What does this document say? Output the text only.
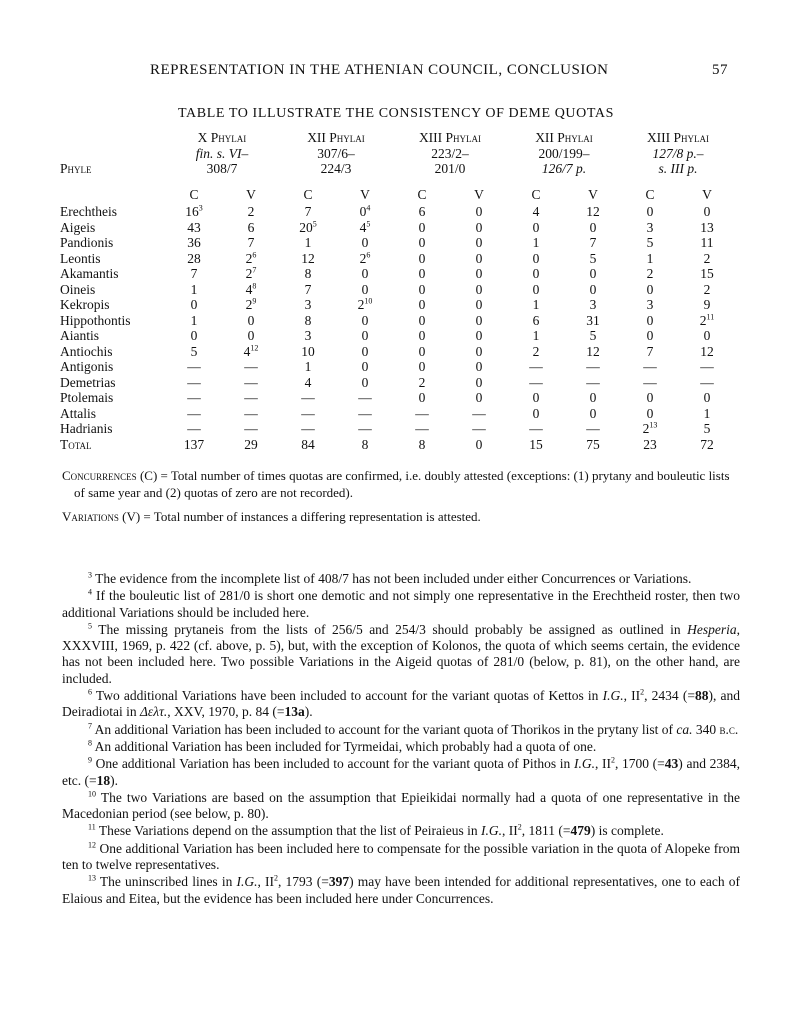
REPRESENTATION IN THE ATHENIAN COUNCIL, CONCLUSION	57
TABLE TO ILLUSTRATE THE CONSISTENCY OF DEME QUOTAS
	X Phylai		XII Phylai		XIII Phylai		XII Phylai		XIII Phylai	
	fin. s. VI–		307/6–		223/2–		200/199–		127/8 p.–	
Phyle	308/7		224/3		201/0		126/7 p.		s. III p.	
	C	V	C	V	C	V	C	V	C	V
Erechtheis	$16^3$	2	7	$0^4$	6	0	4	12	0	0
Aigeis	43	6	$20^5$	$4^5$	0	0	0	0	3	13
Pandionis	36	7	1	0	0	0	1	7	5	11
Leontis	28	$2^6$	12	$2^6$	0	0	0	5	1	2
Akamantis	7	$2^7$	8	0	0	0	0	0	2	15
Oineis	1	$4^8$	7	0	0	0	0	0	0	2
Kekropis	0	$2^9$	3	$2^{10}$	0	0	1	3	3	9
Hippothontis	1	0	8	0	0	0	6	31	0	$2^{11}$
Aiantis	0	0	3	0	0	0	1	5	0	0
Antiochis	5	$4^{12}$	10	0	0	0	2	12	7	12
Antigonis	—	—	1	0	0	0	—	—	—	—
Demetrias	—	—	4	0	2	0	—	—	—	—
Ptolemais	—	—	—	—	0	0	0	0	0	0
Attalis	—	—	—	—	—	—	0	0	0	1
Hadrianis	—	—	—	—	—	—	—	—	$2^{13}$	5
Total	137	29	84	8	8	0	15	75	23	72

Concurrences (C) = Total number of times quotas are confirmed, i.e. doubly attested (exceptions: (1) prytany and bouleutic lists of same year and (2) quotas of zero are not recorded).

Variations (V) = Total number of instances a differing representation is attested.

$^3$ The evidence from the incomplete list of 408/7 has not been included under either Concurrences or Variations.

$^4$ If the bouleutic list of 281/0 is short one demotic and not simply one representative in the Erechtheid roster, then two additional Variations should be included here.

$^5$ The missing prytaneis from the lists of 256/5 and 254/3 should probably be assigned as outlined in Hesperia, XXXVIII, 1969, p. 422 (cf. above, p. 5), but, with the exception of Kolonos, the quota of which seems certain, the evidence has not been included here. Two possible Variations in the Aigeid quotas of 281/0 (below, p. 81), on the other hand, are included.

$^6$ Two additional Variations have been included to account for the variant quotas of Kettos in I.G., $II^2$, 2434 (=88), and Deiradiotai in Δελτ., XXV, 1970, p. 84 (=13a).

$^7$ An additional Variation has been included to account for the variant quota of Thorikos in the prytany list of ca. 340 b.c.

$^8$ An additional Variation has been included for Tyrmeidai, which probably had a quota of one.

$^9$ One additional Variation has been included to account for the variant quota of Pithos in I.G., $II^2$, 1700 (=43) and 2384, etc. (=18).

$^{10}$ The two Variations are based on the assumption that Epieikidai normally had a quota of one representative in the Macedonian period (see below, p. 80).

$^{11}$ These Variations depend on the assumption that the list of Peiraieus in I.G., $II^2$, 1811 (=479) is complete.

$^{12}$ One additional Variation has been included here to compensate for the possible variation in the quota of Alopeke from ten to twelve representatives.

$^{13}$ The uninscribed lines in I.G., $II^2$, 1793 (=397) may have been intended for additional representatives, one to each of Elaious and Eitea, but the evidence has been included here under Concurrences.
